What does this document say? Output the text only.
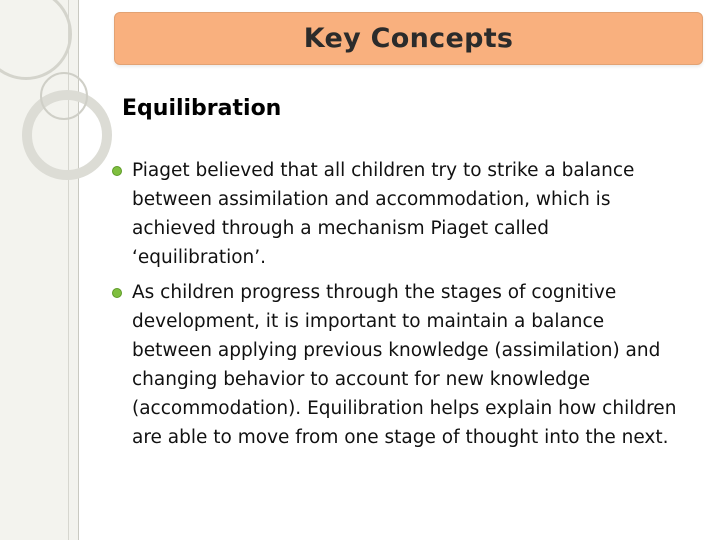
Key Concepts
Equilibration
Piaget believed that all children try to strike a balance between assimilation and accommodation, which is achieved through a mechanism Piaget called ‘equilibration’.
As children progress through the stages of cognitive development, it is important to maintain a balance between applying previous knowledge (assimilation) and changing behavior to account for new knowledge (accommodation). Equilibration helps explain how children are able to move from one stage of thought into the next.
